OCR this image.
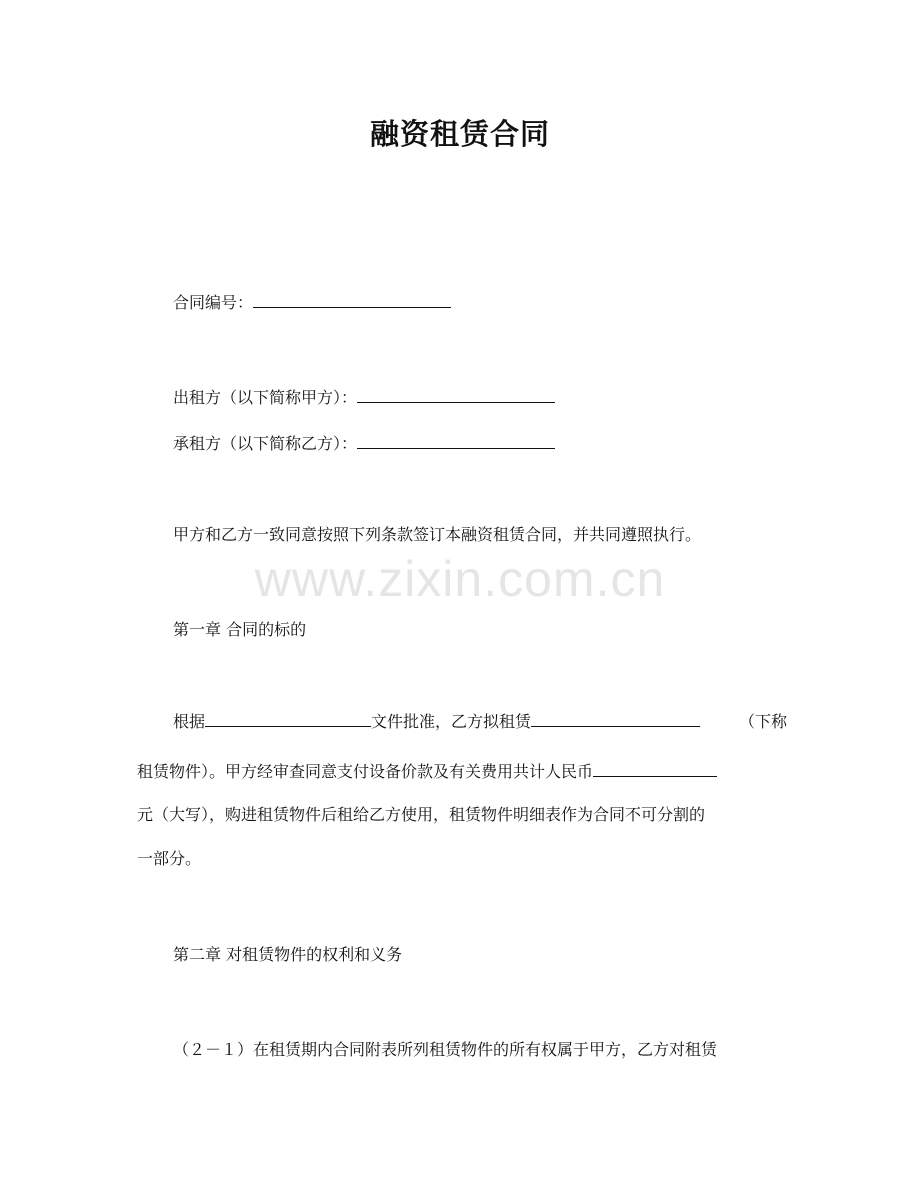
融资租赁合同
合同编号：
出租方（以下简称甲方）：
承租方（以下简称乙方）：
甲方和乙方一致同意按照下列条款签订本融资租赁合同，并共同遵照执行。
www.zixin.com.cn
第一章 合同的标的
根据	文件批准，乙方拟租赁	（下称
租赁物件）。甲方经审查同意支付设备价款及有关费用共计人民币
元（大写），购进租赁物件后租给乙方使用，租赁物件明细表作为合同不可分割的
一部分。
第二章 对租赁物件的权利和义务
（２－１）在租赁期内合同附表所列租赁物件的所有权属于甲方，乙方对租赁
